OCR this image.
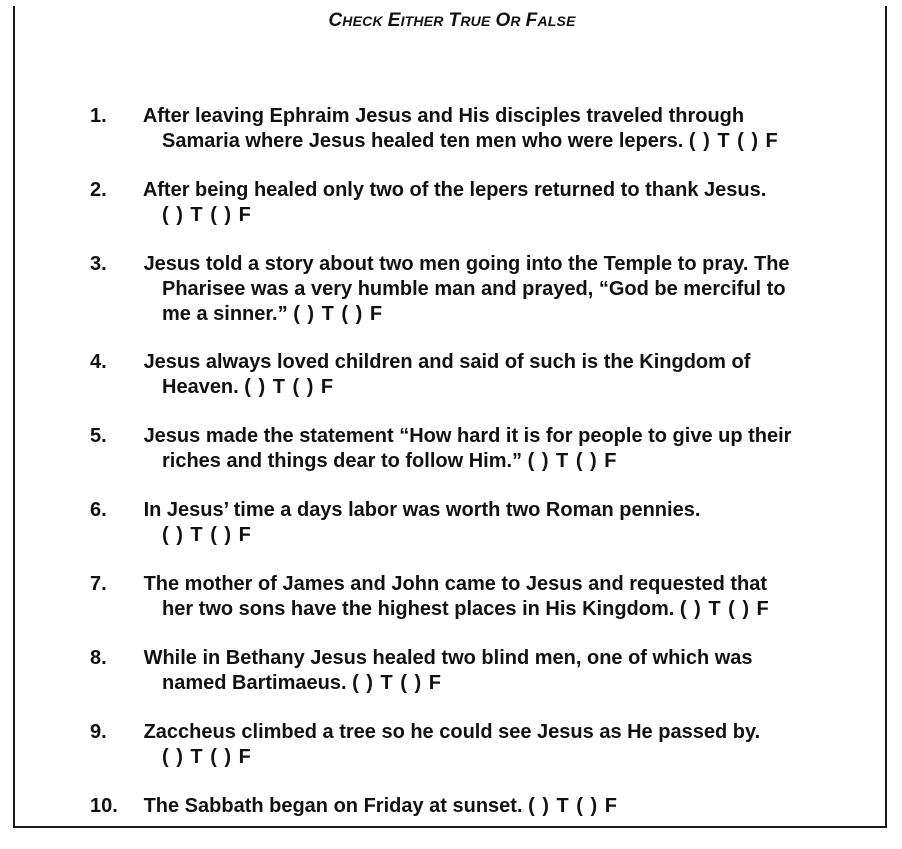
CHECK EITHER TRUE OR FALSE
1. After leaving Ephraim Jesus and His disciples traveled through
Samaria where Jesus healed ten men who were lepers. ( ) T ( ) F
2. After being healed only two of the lepers returned to thank Jesus.
( ) T ( ) F
3. Jesus told a story about two men going into the Temple to pray. The
Pharisee was a very humble man and prayed, “God be merciful to
me a sinner.” ( ) T ( ) F
4. Jesus always loved children and said of such is the Kingdom of
Heaven. ( ) T ( ) F
5. Jesus made the statement “How hard it is for people to give up their
riches and things dear to follow Him.” ( ) T ( ) F
6. In Jesus’ time a days labor was worth two Roman pennies.
( ) T ( ) F
7. The mother of James and John came to Jesus and requested that
her two sons have the highest places in His Kingdom. ( ) T ( ) F
8. While in Bethany Jesus healed two blind men, one of which was
named Bartimaeus. ( ) T ( ) F
9. Zaccheus climbed a tree so he could see Jesus as He passed by.
( ) T ( ) F
10. The Sabbath began on Friday at sunset. ( ) T ( ) F
